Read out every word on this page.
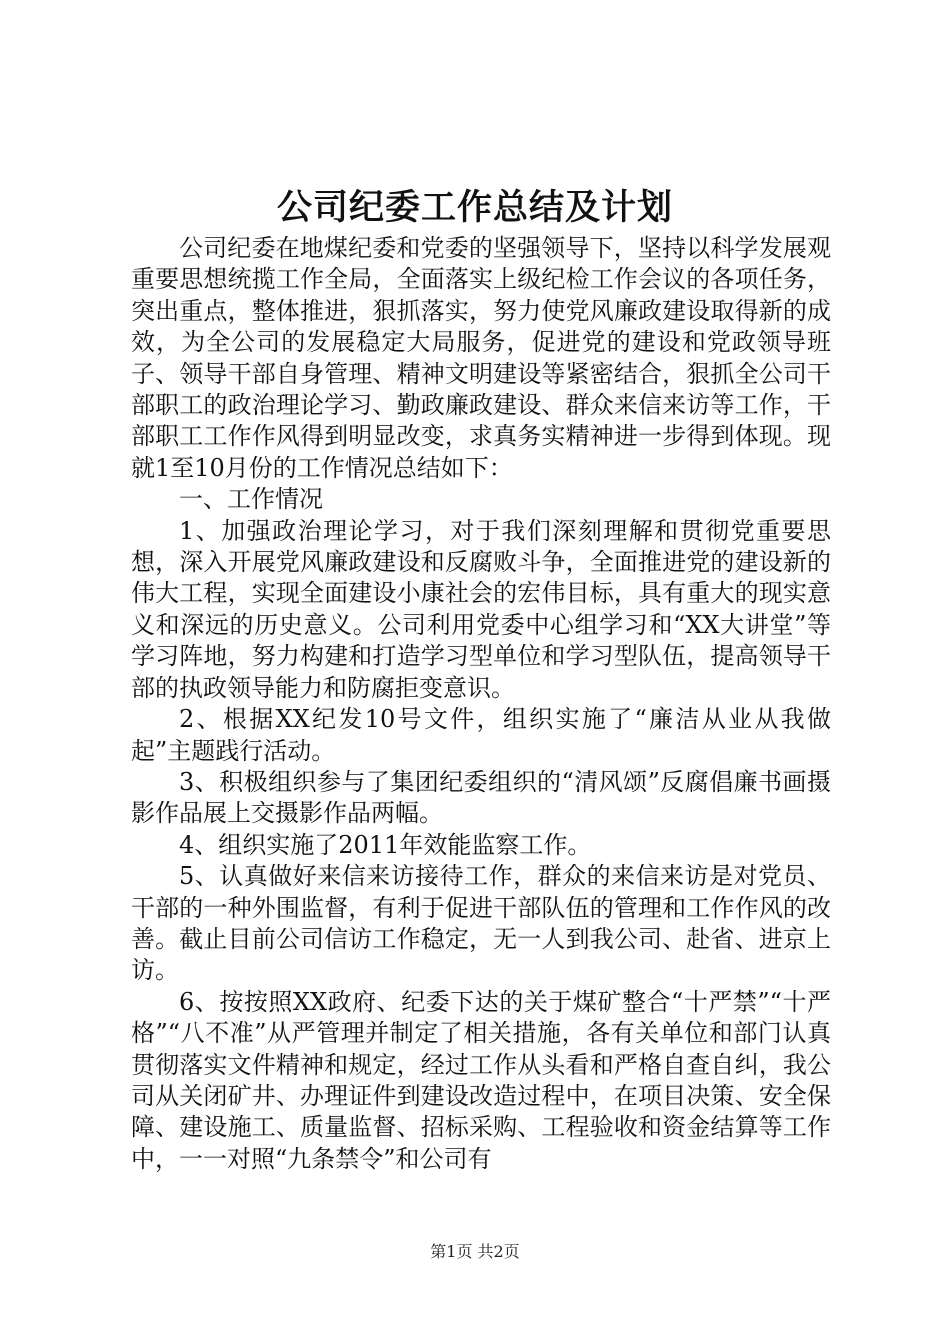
公司纪委工作总结及计划

公司纪委在地煤纪委和党委的坚强领导下，坚持以科学发展观重要思想统揽工作全局，全面落实上级纪检工作会议的各项任务，突出重点，整体推进，狠抓落实，努力使党风廉政建设取得新的成效，为全公司的发展稳定大局服务，促进党的建设和党政领导班子、领导干部自身管理、精神文明建设等紧密结合，狠抓全公司干部职工的政治理论学习、勤政廉政建设、群众来信来访等工作，干部职工工作作风得到明显改变，求真务实精神进一步得到体现。现就1至10月份的工作情况总结如下：

一、工作情况

1、加强政治理论学习，对于我们深刻理解和贯彻党重要思想，深入开展党风廉政建设和反腐败斗争，全面推进党的建设新的伟大工程，实现全面建设小康社会的宏伟目标，具有重大的现实意义和深远的历史意义。公司利用党委中心组学习和“XX大讲堂”等学习阵地，努力构建和打造学习型单位和学习型队伍，提高领导干部的执政领导能力和防腐拒变意识。

2、根据XX纪发10号文件，组织实施了“廉洁从业从我做起”主题践行活动。

3、积极组织参与了集团纪委组织的“清风颂”反腐倡廉书画摄影作品展上交摄影作品两幅。

4、组织实施了2011年效能监察工作。

5、认真做好来信来访接待工作，群众的来信来访是对党员、干部的一种外围监督，有利于促进干部队伍的管理和工作作风的改善。截止目前公司信访工作稳定，无一人到我公司、赴省、进京上访。

6、按按照XX政府、纪委下达的关于煤矿整合“十严禁”“十严格”“八不准”从严管理并制定了相关措施，各有关单位和部门认真贯彻落实文件精神和规定，经过工作从头看和严格自查自纠，我公司从关闭矿井、办理证件到建设改造过程中，在项目决策、安全保障、建设施工、质量监督、招标采购、工程验收和资金结算等工作中，一一对照“九条禁令”和公司有

第1页 共2页
